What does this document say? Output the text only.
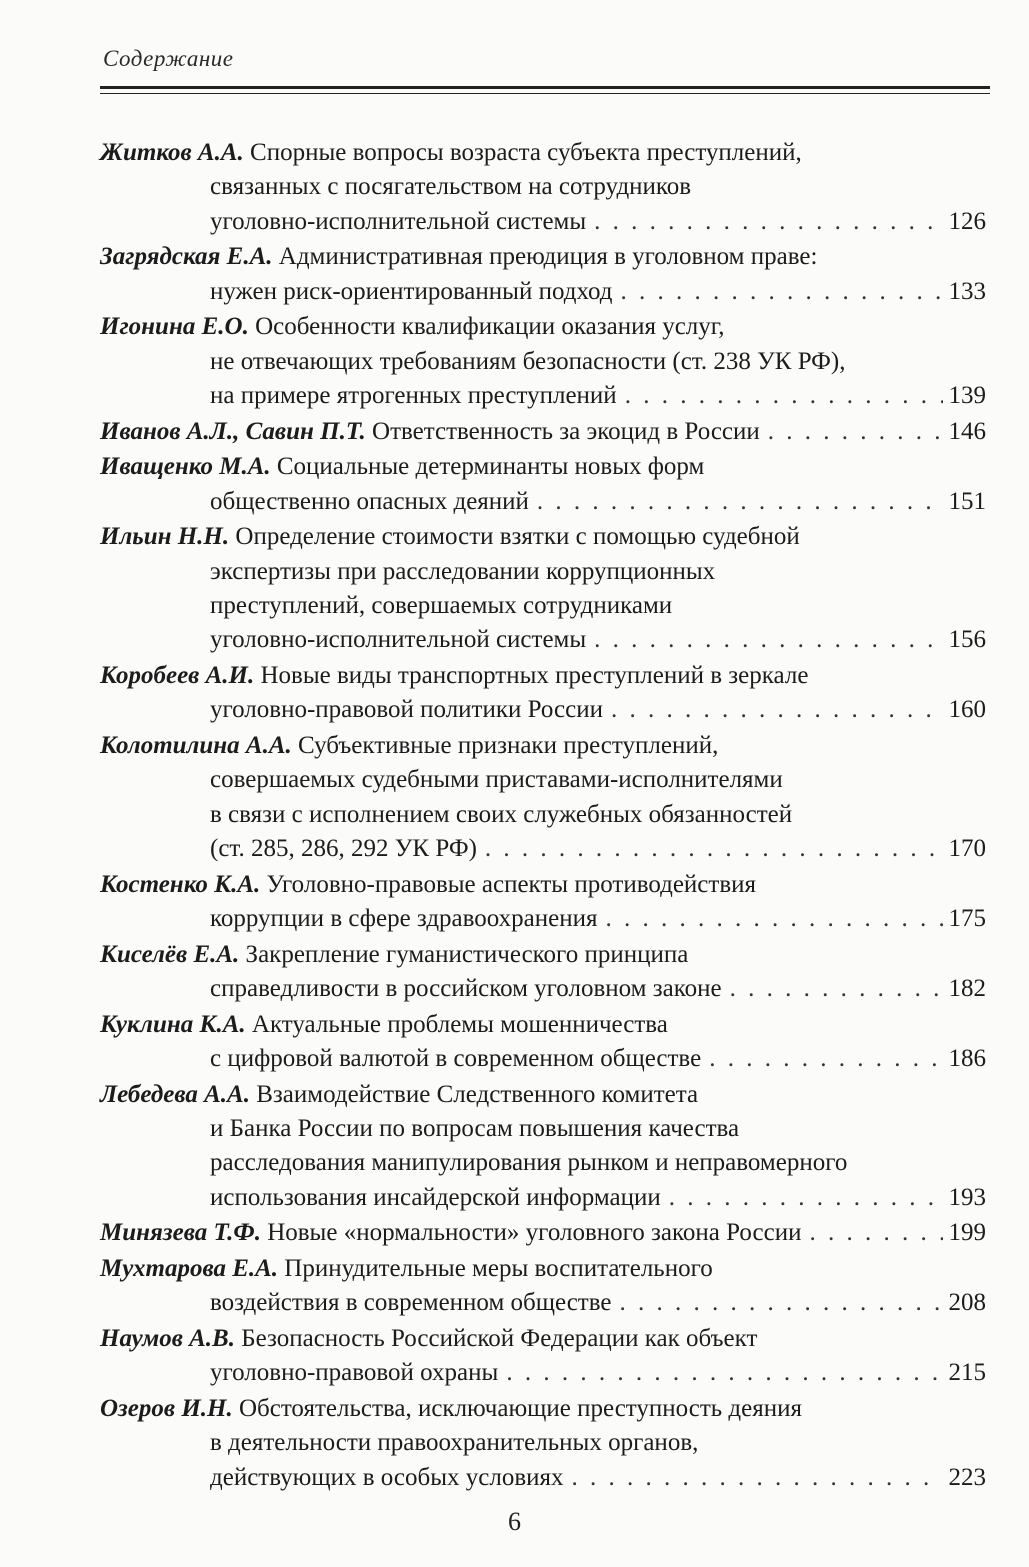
Содержание
Житков А.А. Спорные вопросы возраста субъекта преступлений,
связанных с посягательством на сотрудников
уголовно-исполнительной системы . . .	126
Загрядская Е.А. Административная преюдиция в уголовном праве:
нужен риск-ориентированный подход . . .	133
Игонина Е.О. Особенности квалификации оказания услуг,
не отвечающих требованиям безопасности (ст. 238 УК РФ),
на примере ятрогенных преступлений . . .	139
Иванов А.Л., Савин П.Т. Ответственность за экоцид в России . . .	146
Иващенко М.А. Социальные детерминанты новых форм
общественно опасных деяний . . .	151
Ильин Н.Н. Определение стоимости взятки с помощью судебной
экспертизы при расследовании коррупционных
преступлений, совершаемых сотрудниками
уголовно-исполнительной системы . . .	156
Коробеев А.И. Новые виды транспортных преступлений в зеркале
уголовно-правовой политики России . . .	160
Колотилина А.А. Субъективные признаки преступлений,
совершаемых судебными приставами-исполнителями
в связи с исполнением своих служебных обязанностей
(ст. 285, 286, 292 УК РФ) . . .	170
Костенко К.А. Уголовно-правовые аспекты противодействия
коррупции в сфере здравоохранения . . .	175
Киселёв Е.А. Закрепление гуманистического принципа
справедливости в российском уголовном законе . . .	182
Куклина К.А. Актуальные проблемы мошенничества
с цифровой валютой в современном обществе . . .	186
Лебедева А.А. Взаимодействие Следственного комитета
и Банка России по вопросам повышения качества
расследования манипулирования рынком и неправомерного
использования инсайдерской информации . . .	193
Минязева Т.Ф. Новые «нормальности» уголовного закона России . . .	199
Мухтарова Е.А. Принудительные меры воспитательного
воздействия в современном обществе . . .	208
Наумов А.В. Безопасность Российской Федерации как объект
уголовно-правовой охраны . . .	215
Озеров И.Н. Обстоятельства, исключающие преступность деяния
в деятельности правоохранительных органов,
действующих в особых условиях . . .	223
6
